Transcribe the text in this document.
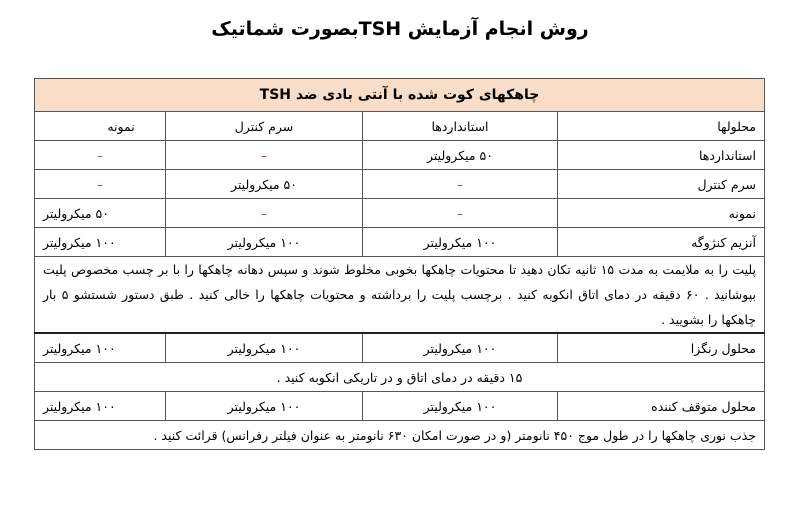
روش انجام آزمایش TSHبصورت شماتیک
چاهکهای کوت شده با آنتی بادی ضد TSH			
محلولها	استانداردها	سرم کنترل	نمونه
استانداردها	۵۰ میکرولیتر	–	–
سرم کنترل	–	۵۰ میکرولیتر	–
نمونه	–	–	۵۰ میکرولیتر
آنزیم کنژوگه	۱۰۰ میکرولیتر	۱۰۰ میکرولیتر	۱۰۰ میکرولیتر
پلیت را به ملایمت به مدت ۱۵ ثانیه تکان دهید تا محتویات چاهکها بخوبی مخلوط شوند و سپس دهانه چاهکها را با بر چسب مخصوص پلیت بپوشانید . ۶۰ دقیقه در دمای اتاق انکوبه کنید . برچسب پلیت را برداشته و محتویات چاهکها را خالی کنید . طبق دستور شستشو ۵ بار چاهکها را بشویید .			
محلول رنگزا	۱۰۰ میکرولیتر	۱۰۰ میکرولیتر	۱۰۰ میکرولیتر
۱۵ دقیقه در دمای اتاق و در تاریکی انکوبه کنید .			
محلول متوقف کننده	۱۰۰ میکرولیتر	۱۰۰ میکرولیتر	۱۰۰ میکرولیتر
جذب نوری چاهکها را در طول موج ۴۵۰ نانومتر (و در صورت امکان ۶۳۰ نانومتر به عنوان فیلتر رفرانس) قرائت کنید .			
